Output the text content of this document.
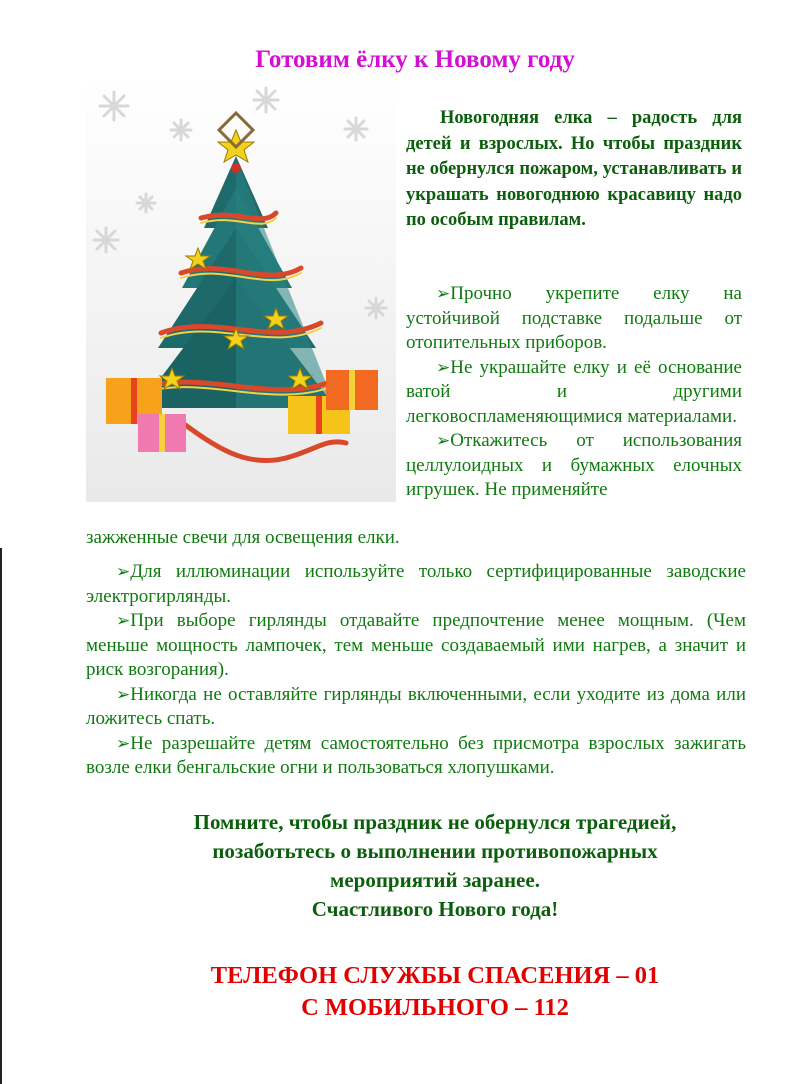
Готовим ёлку к Новому году

Новогодняя елка – радость для детей и взрослых. Но чтобы праздник не обернулся пожаром, устанавливать и украшать новогоднюю красавицу надо по особым правилам.

➢Прочно укрепите елку на устойчивой подставке подальше от отопительных приборов.

➢Не украшайте елку и её основание ватой и другими легковоспламеняющимися материалами.

➢Откажитесь от использования целлулоидных и бумажных елочных игрушек. Не применяйте

зажженные свечи для освещения елки.

➢Для иллюминации используйте только сертифицированные заводские электрогирлянды.

➢При выборе гирлянды отдавайте предпочтение менее мощным. (Чем меньше мощность лампочек, тем меньше создаваемый ими нагрев, а значит и риск возгорания).

➢Никогда не оставляйте гирлянды включенными, если уходите из дома или ложитесь спать.

➢Не разрешайте детям самостоятельно без присмотра взрослых зажигать возле елки бенгальские огни и пользоваться хлопушками.

Помните, чтобы праздник не обернулся трагедией,
позаботьтесь о выполнении противопожарных
мероприятий заранее.
Счастливого Нового года!

ТЕЛЕФОН СЛУЖБЫ СПАСЕНИЯ – 01
С МОБИЛЬНОГО – 112
